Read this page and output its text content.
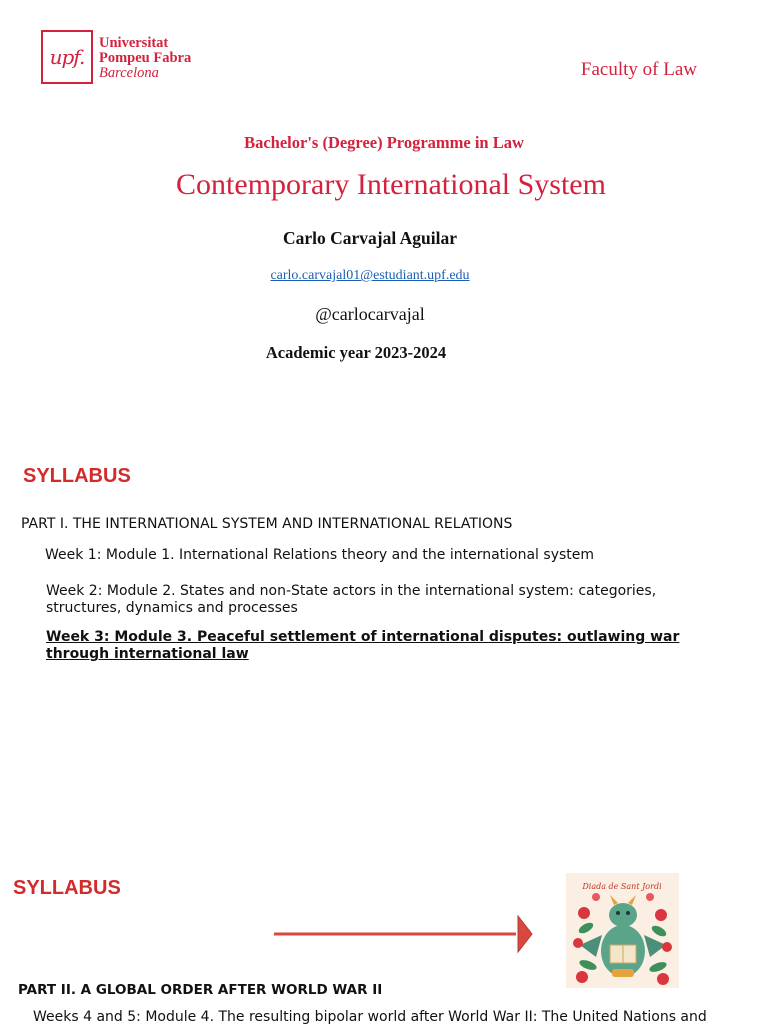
upf.
Universitat
Pompeu Fabra
Barcelona	Faculty of Law
Bachelor's (Degree) Programme in Law
Contemporary International System
Carlo Carvajal Aguilar
carlo.carvajal01@estudiant.upf.edu
@carlocarvajal
Academic year 2023-2024
SYLLABUS
PART I. THE INTERNATIONAL SYSTEM AND INTERNATIONAL RELATIONS
Week 1: Module 1. International Relations theory and the international system
Week 2: Module 2. States and non-State actors in the international system: categories, structures, dynamics and processes
Week 3: Module 3. Peaceful settlement of international disputes: outlawing war through international law
SYLLABUS	Diada de Sant Jordi
PART II. A GLOBAL ORDER AFTER WORLD WAR II
Weeks 4 and 5: Module 4. The resulting bipolar world after World War II: The United Nations and
